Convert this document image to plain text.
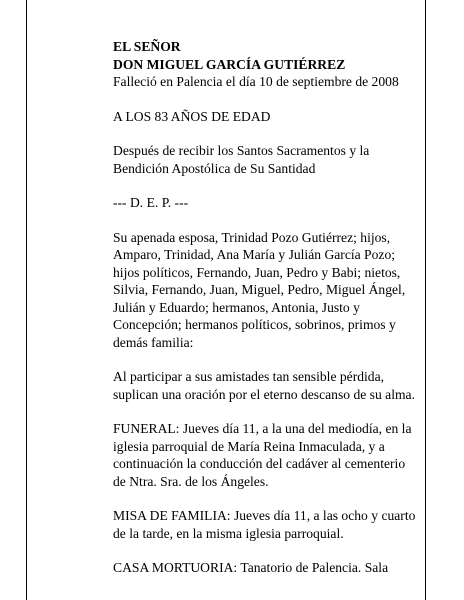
EL SEÑOR
DON MIGUEL GARCÍA GUTIÉRREZ
Falleció en Palencia el día 10 de septiembre de 2008
A LOS 83 AÑOS DE EDAD
Después de recibir los Santos Sacramentos y la
Bendición Apostólica de Su Santidad
--- D. E. P. ---
Su apenada esposa, Trinidad Pozo Gutiérrez; hijos,
Amparo, Trinidad, Ana María y Julián García Pozo;
hijos políticos, Fernando, Juan, Pedro y Babi; nietos,
Silvia, Fernando, Juan, Miguel, Pedro, Miguel Ángel,
Julián y Eduardo; hermanos, Antonia, Justo y
Concepción; hermanos políticos, sobrinos, primos y
demás familia:
Al participar a sus amistades tan sensible pérdida,
suplican una oración por el eterno descanso de su alma.
FUNERAL: Jueves día 11, a la una del mediodía, en la
iglesia parroquial de María Reina Inmaculada, y a
continuación la conducción del cadáver al cementerio
de Ntra. Sra. de los Ángeles.
MISA DE FAMILIA: Jueves día 11, a las ocho y cuarto
de la tarde, en la misma iglesia parroquial.
CASA MORTUORIA: Tanatorio de Palencia. Sala
